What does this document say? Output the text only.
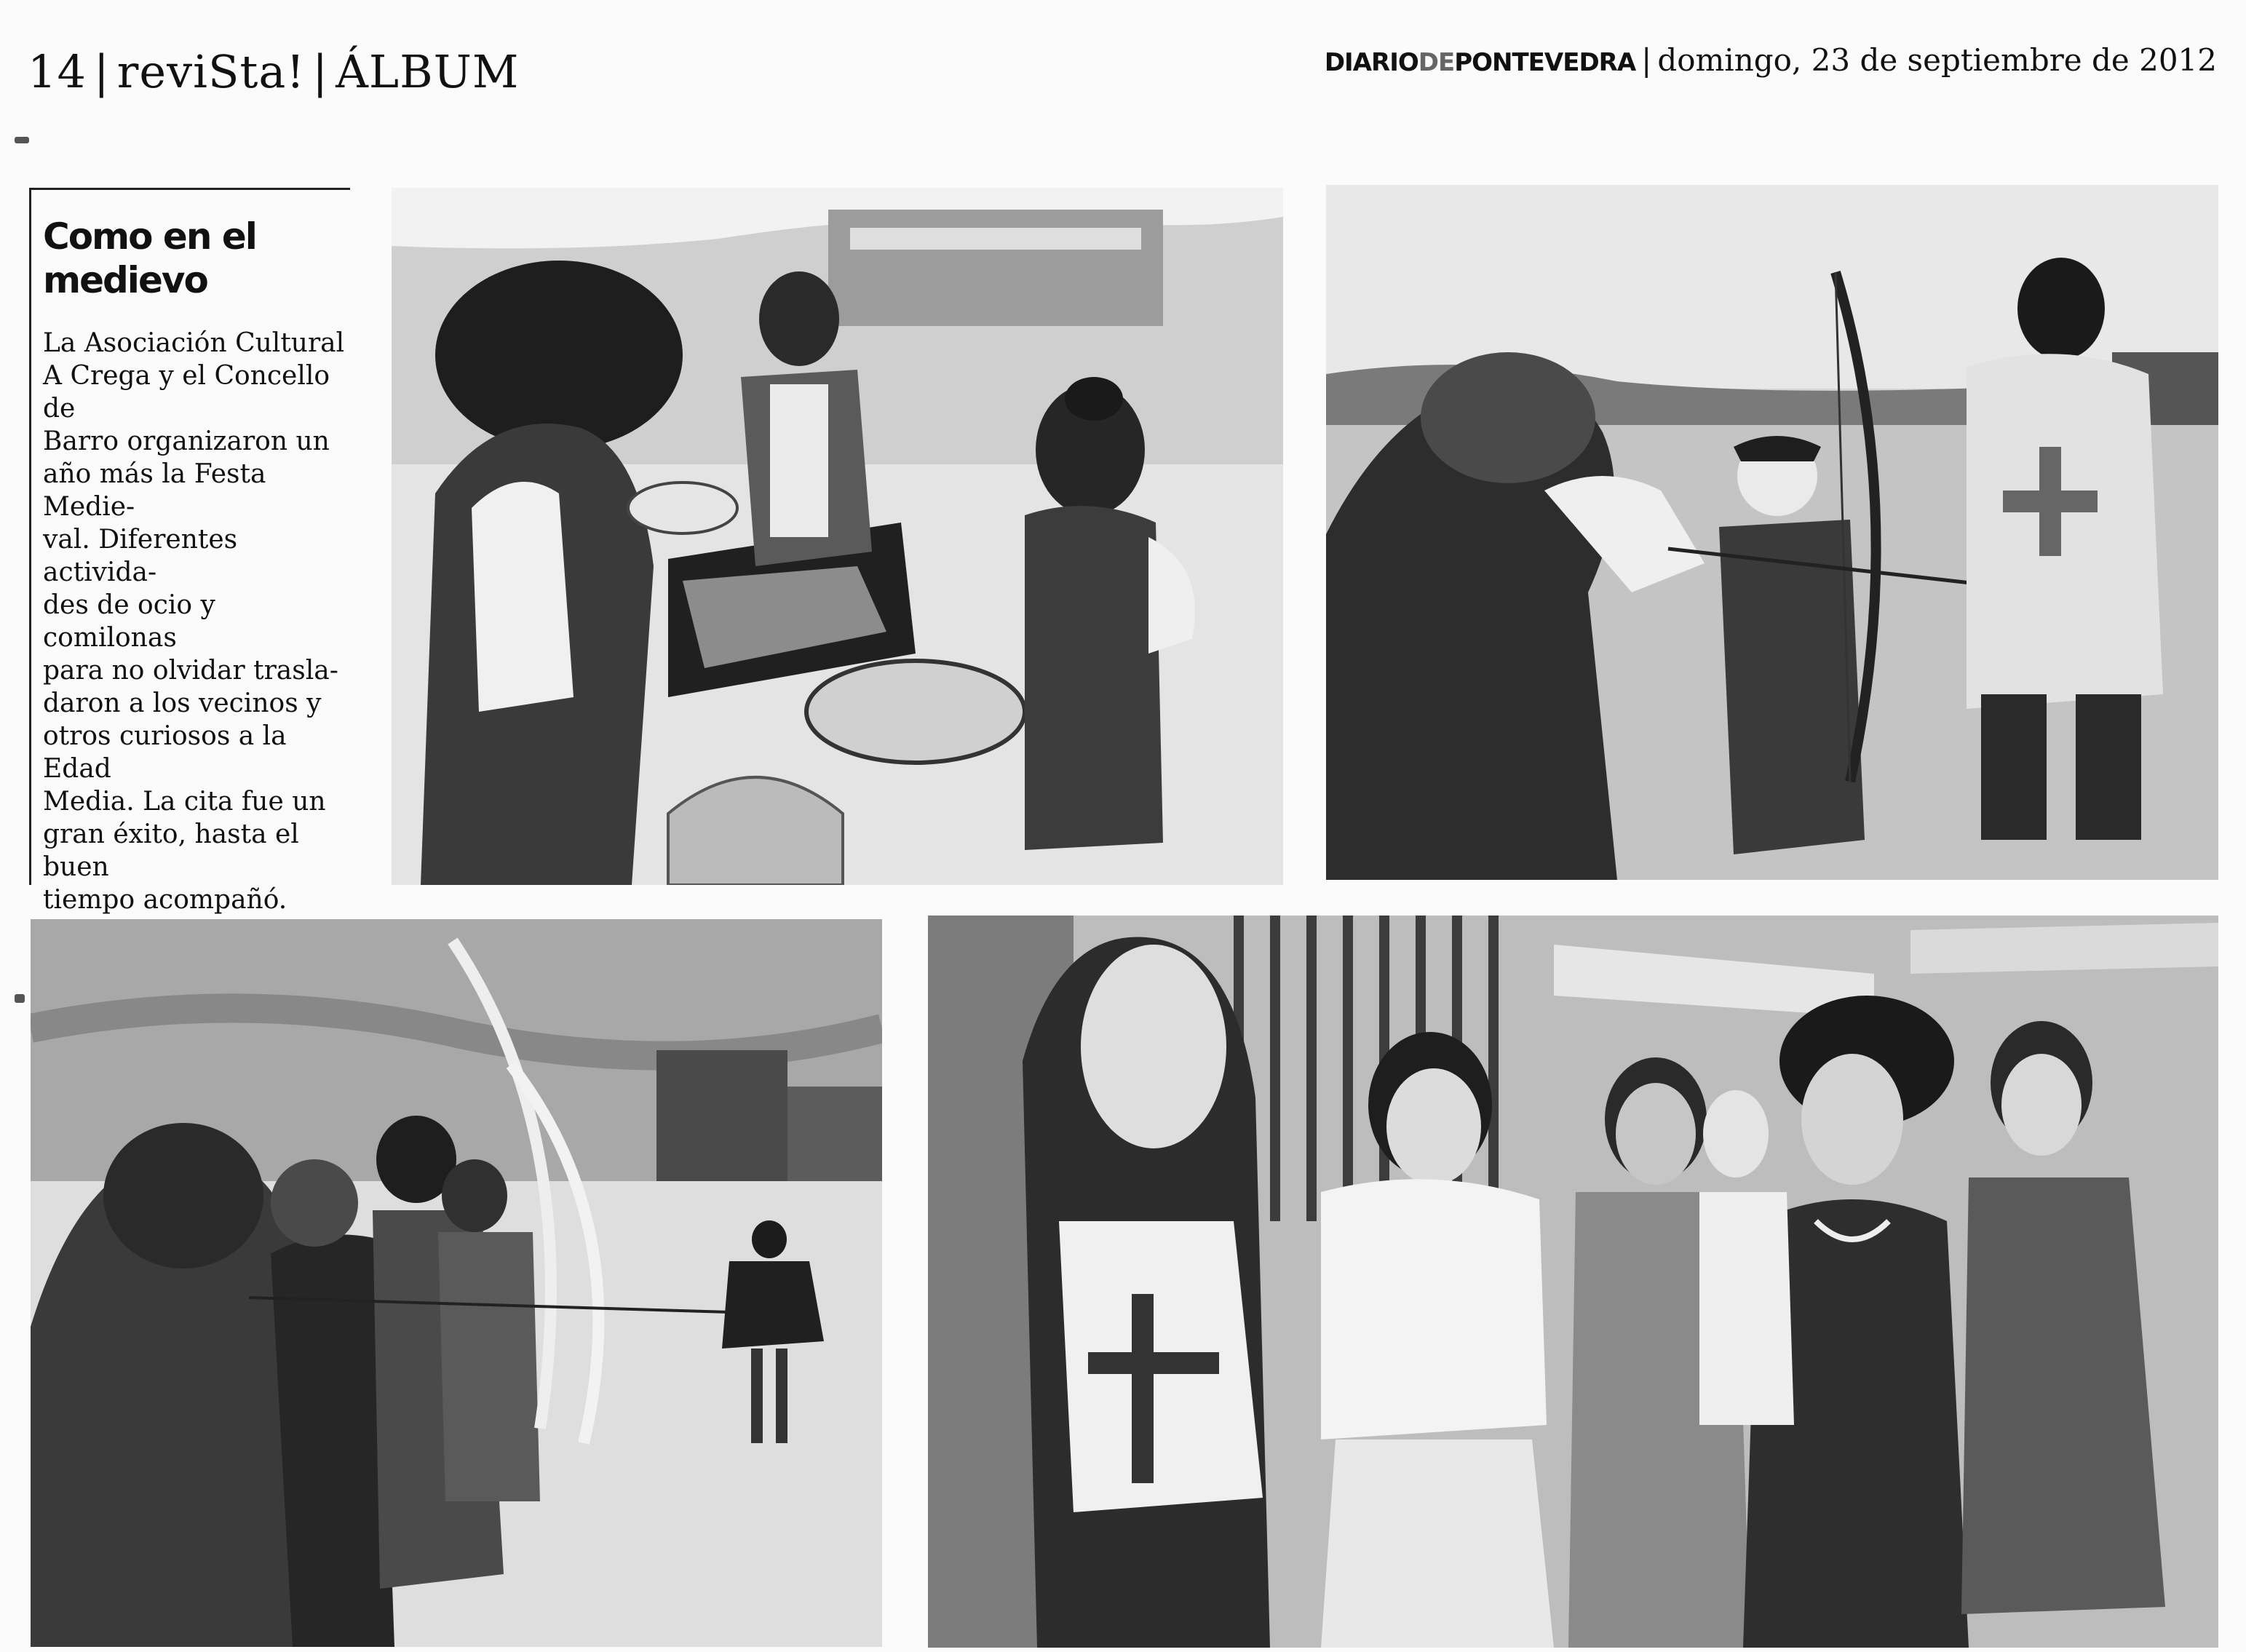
14 | reviSta! | ÁLBUM	DIARIODEPONTEVEDRA | domingo, 23 de septiembre de 2012
Como en el
medievo

La Asociación Cultural
A Crega y el Concello de
Barro organizaron un
año más la Festa Medie-
val. Diferentes activida-
des de ocio y comilonas
para no olvidar trasla-
daron a los vecinos y
otros curiosos a la Edad
Media. La cita fue un
gran éxito, hasta el buen
tiempo acompañó.
